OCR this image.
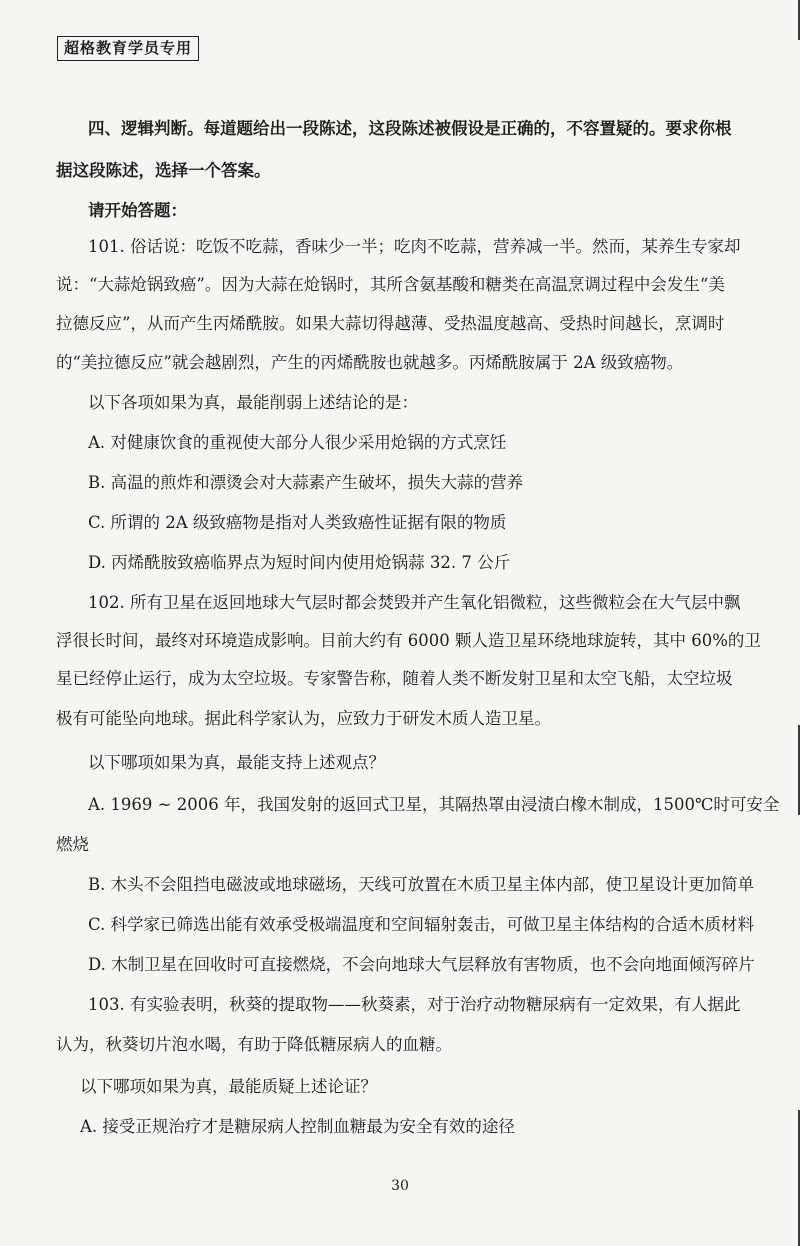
超格教育学员专用
四、逻辑判断。每道题给出一段陈述，这段陈述被假设是正确的，不容置疑的。要求你根
据这段陈述，选择一个答案。
请开始答题：
101. 俗话说：吃饭不吃蒜，香味少一半；吃肉不吃蒜，营养减一半。然而，某养生专家却
说：“大蒜炝锅致癌”。因为大蒜在炝锅时，其所含氨基酸和糖类在高温烹调过程中会发生“美
拉德反应”，从而产生丙烯酰胺。如果大蒜切得越薄、受热温度越高、受热时间越长，烹调时
的“美拉德反应”就会越剧烈，产生的丙烯酰胺也就越多。丙烯酰胺属于 2A 级致癌物。
以下各项如果为真，最能削弱上述结论的是：
A. 对健康饮食的重视使大部分人很少采用炝锅的方式烹饪
B. 高温的煎炸和漂烫会对大蒜素产生破坏，损失大蒜的营养
C. 所谓的 2A 级致癌物是指对人类致癌性证据有限的物质
D. 丙烯酰胺致癌临界点为短时间内使用炝锅蒜 32. 7 公斤
102. 所有卫星在返回地球大气层时都会焚毁并产生氧化铝微粒，这些微粒会在大气层中飘
浮很长时间，最终对环境造成影响。目前大约有 6000 颗人造卫星环绕地球旋转，其中 60%的卫
星已经停止运行，成为太空垃圾。专家警告称，随着人类不断发射卫星和太空飞船，太空垃圾
极有可能坠向地球。据此科学家认为，应致力于研发木质人造卫星。
以下哪项如果为真，最能支持上述观点？
A. 1969 ~ 2006 年，我国发射的返回式卫星，其隔热罩由浸渍白橡木制成，1500℃时可安全
燃烧
B. 木头不会阻挡电磁波或地球磁场，天线可放置在木质卫星主体内部，使卫星设计更加简单
C. 科学家已筛选出能有效承受极端温度和空间辐射轰击，可做卫星主体结构的合适木质材料
D. 木制卫星在回收时可直接燃烧，不会向地球大气层释放有害物质，也不会向地面倾泻碎片
103. 有实验表明，秋葵的提取物——秋葵素，对于治疗动物糖尿病有一定效果，有人据此
认为，秋葵切片泡水喝，有助于降低糖尿病人的血糖。
以下哪项如果为真，最能质疑上述论证？
A. 接受正规治疗才是糖尿病人控制血糖最为安全有效的途径
30
